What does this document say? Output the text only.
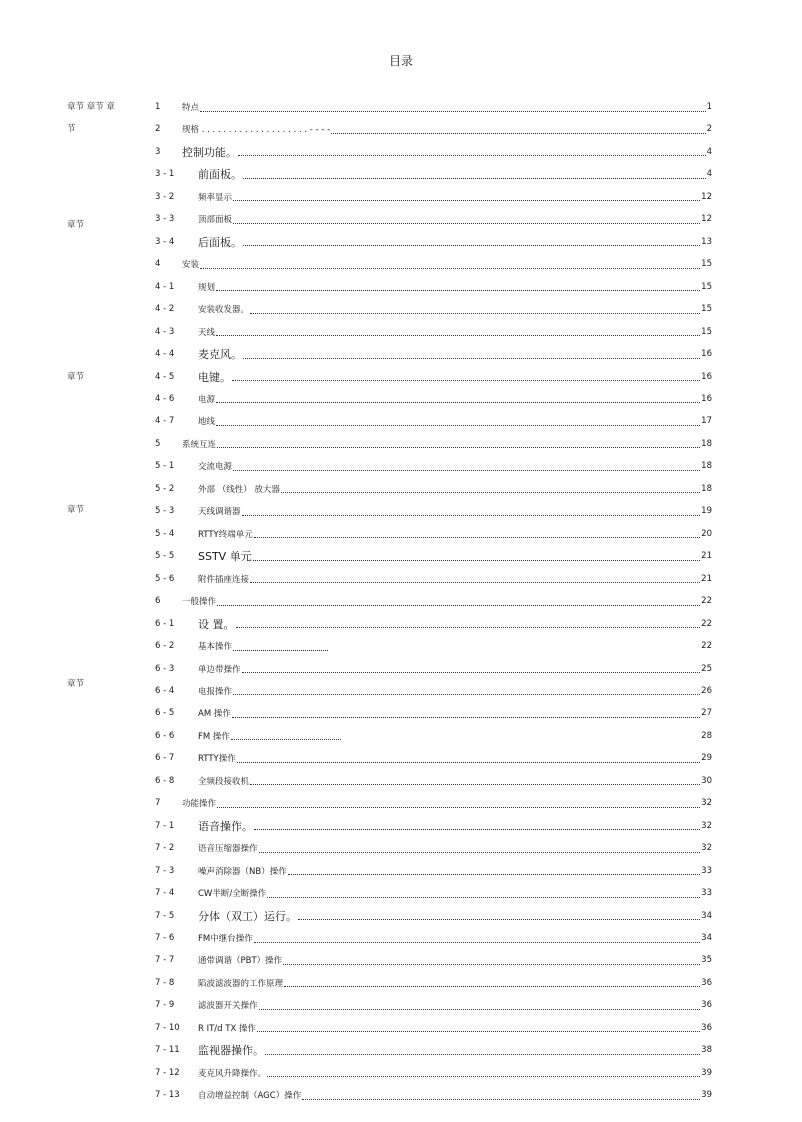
目录
章节 章节 章
节
章节
章节
章节
章节
1	特点	1
2	规格 . . . . . . . . . . . . . . . . . . . . - - - -	2
3	控制功能。	4
3 - 1	前面板。	4
3 - 2	频率显示	12
3 - 3	顶部面板	12
3 - 4	后面板。	13
4	安装	15
4 - 1	规划	15
4 - 2	安装收发器。	15
4 - 3	天线	15
4 - 4	麦克风。	16
4 - 5	电键。	16
4 - 6	电源	16
4 - 7	地线	17
5	系统互连	18
5 - 1	交流电源	18
5 - 2	外部 （线性） 放大器	18
5 - 3	天线调谐器	19
5 - 4	RTTY终端单元	20
5 - 5	SSTV 单元	21
5 - 6	附件插座连接	21
6	一般操作	22
6 - 1	设 置。	22
6 - 2	基本操作	22
6 - 3	单边带操作	25
6 - 4	电报操作	26
6 - 5	AM 操作	27
6 - 6	FM 操作	28
6 - 7	RTTY操作	29
6 - 8	全频段接收机	30
7	功能操作	32
7 - 1	语音操作。	32
7 - 2	语音压缩器操作	32
7 - 3	噪声消除器（NB）操作	33
7 - 4	CW半断/全断操作	33
7 - 5	分体（双工）运行。	34
7 - 6	FM中继台操作	34
7 - 7	通带调谐（PBT）操作	35
7 - 8	陷波滤波器的工作原理	36
7 - 9	滤波器开关操作	36
7 - 10	R IT/d TX 操作	36
7 - 11	监视器操作。	38
7 - 12	麦克风升降操作。	39
7 - 13	自动增益控制（AGC）操作	39
